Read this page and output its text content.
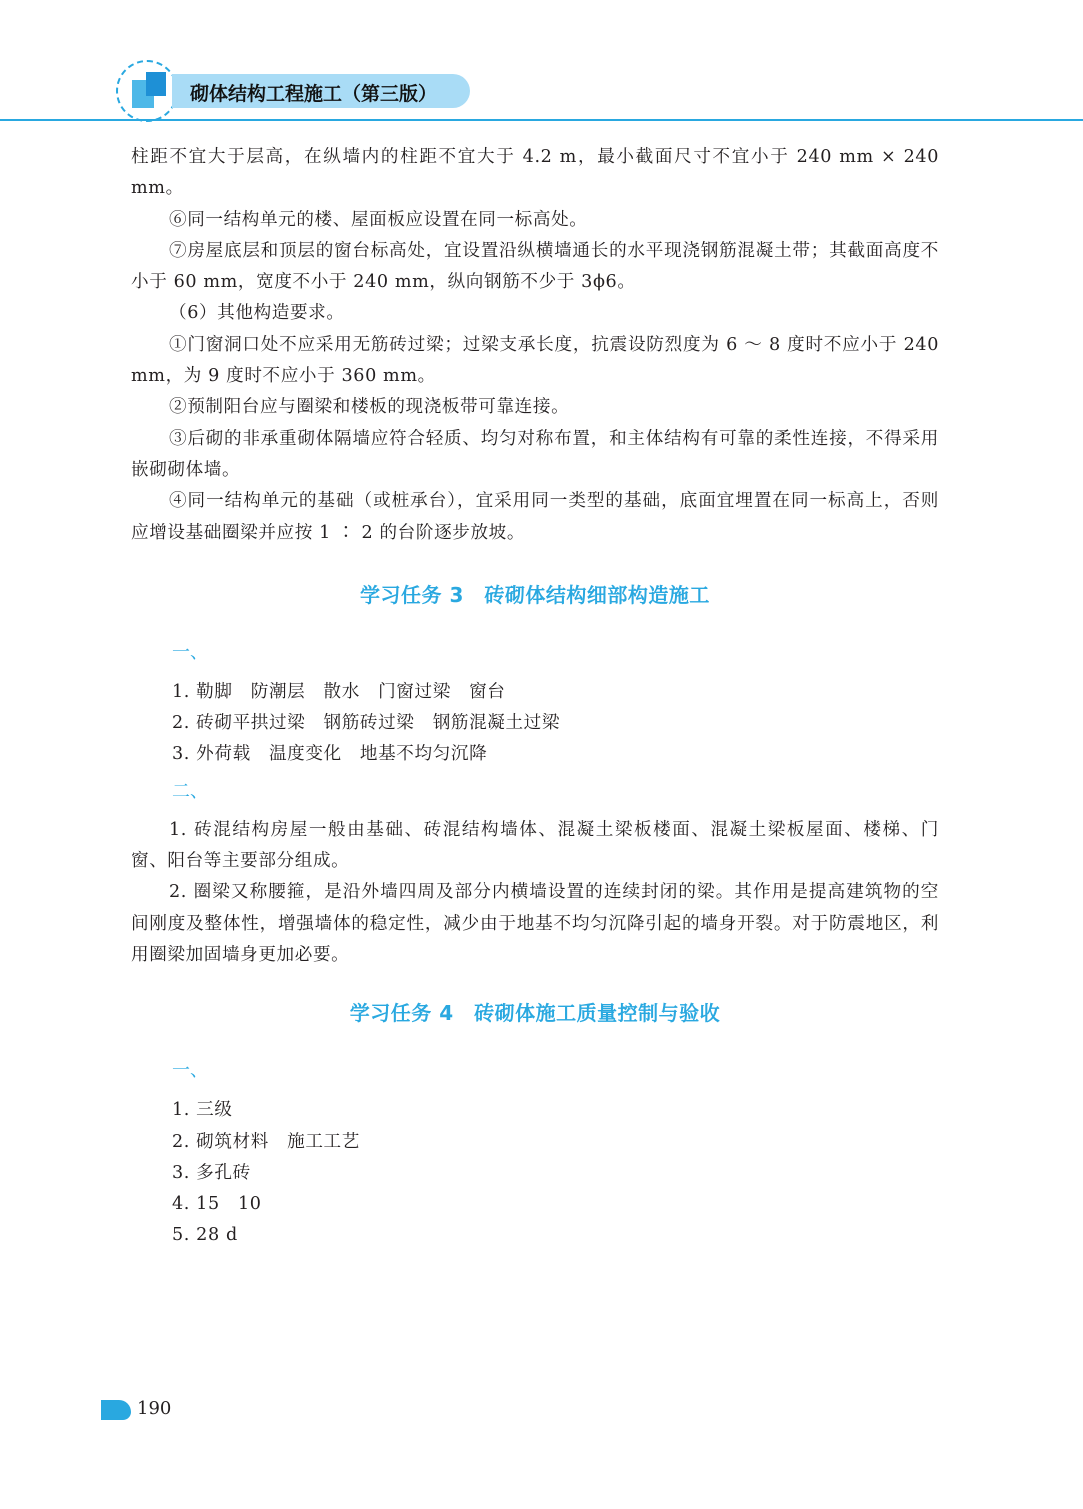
砌体结构工程施工（第三版）

柱距不宜大于层高，在纵墙内的柱距不宜大于 4.2 m，最小截面尺寸不宜小于 240 mm × 240 mm。

⑥同一结构单元的楼、屋面板应设置在同一标高处。

⑦房屋底层和顶层的窗台标高处，宜设置沿纵横墙通长的水平现浇钢筋混凝土带；其截面高度不小于 60 mm，宽度不小于 240 mm，纵向钢筋不少于 3ϕ6。

（6）其他构造要求。

①门窗洞口处不应采用无筋砖过梁；过梁支承长度，抗震设防烈度为 6 ～ 8 度时不应小于 240 mm，为 9 度时不应小于 360 mm。

②预制阳台应与圈梁和楼板的现浇板带可靠连接。

③后砌的非承重砌体隔墙应符合轻质、均匀对称布置，和主体结构有可靠的柔性连接，不得采用嵌砌砌体墙。

④同一结构单元的基础（或桩承台），宜采用同一类型的基础，底面宜埋置在同一标高上，否则应增设基础圈梁并应按 1 ∶ 2 的台阶逐步放坡。

学习任务 3　砖砌体结构细部构造施工

一、

1. 勒脚　防潮层　散水　门窗过梁　窗台

2. 砖砌平拱过梁　钢筋砖过梁　钢筋混凝土过梁

3. 外荷载　温度变化　地基不均匀沉降

二、

1. 砖混结构房屋一般由基础、砖混结构墙体、混凝土梁板楼面、混凝土梁板屋面、楼梯、门窗、阳台等主要部分组成。

2. 圈梁又称腰箍，是沿外墙四周及部分内横墙设置的连续封闭的梁。其作用是提高建筑物的空间刚度及整体性，增强墙体的稳定性，减少由于地基不均匀沉降引起的墙身开裂。对于防震地区，利用圈梁加固墙身更加必要。

学习任务 4　砖砌体施工质量控制与验收

一、

1. 三级

2. 砌筑材料　施工工艺

3. 多孔砖

4. 15　10

5. 28 d

190
